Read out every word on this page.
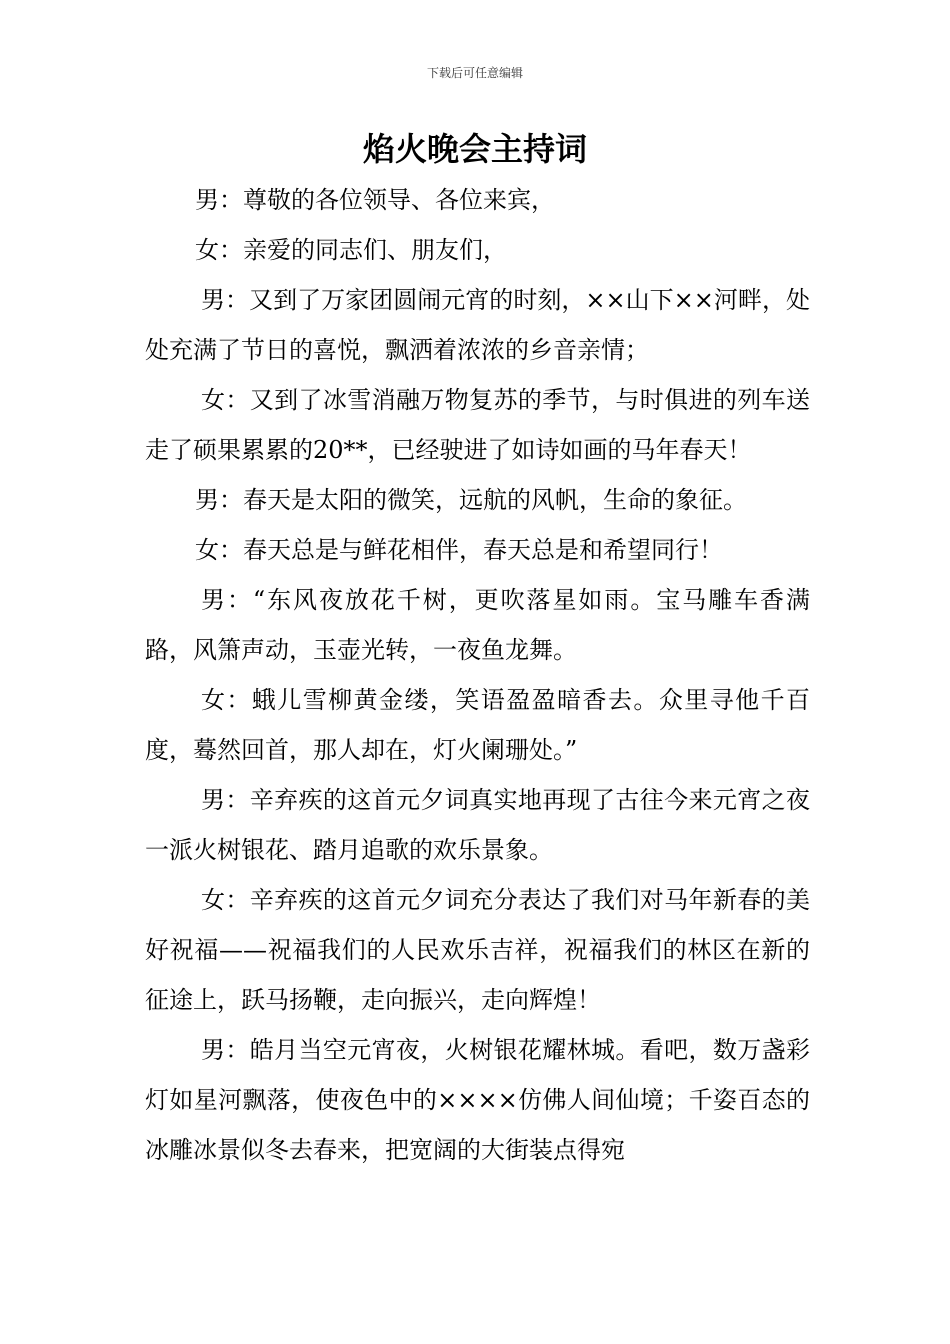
下载后可任意编辑
焰火晚会主持词

男：尊敬的各位领导、各位来宾，

女：亲爱的同志们、朋友们，

男：又到了万家团圆闹元宵的时刻，××山下××河畔，处处充满了节日的喜悦，飘洒着浓浓的乡音亲情；

女：又到了冰雪消融万物复苏的季节，与时俱进的列车送走了硕果累累的20**，已经驶进了如诗如画的马年春天！

男：春天是太阳的微笑，远航的风帆，生命的象征。

女：春天总是与鲜花相伴，春天总是和希望同行！

男：“东风夜放花千树，更吹落星如雨。宝马雕车香满路，风箫声动，玉壶光转，一夜鱼龙舞。

女：蛾儿雪柳黄金缕，笑语盈盈暗香去。众里寻他千百度，蓦然回首，那人却在，灯火阑珊处。”

男：辛弃疾的这首元夕词真实地再现了古往今来元宵之夜一派火树银花、踏月追歌的欢乐景象。

女：辛弃疾的这首元夕词充分表达了我们对马年新春的美好祝福——祝福我们的人民欢乐吉祥，祝福我们的林区在新的征途上，跃马扬鞭，走向振兴，走向辉煌！

男：皓月当空元宵夜，火树银花耀林城。看吧，数万盏彩灯如星河飘落，使夜色中的××××仿佛人间仙境；千姿百态的冰雕冰景似冬去春来，把宽阔的大街装点得宛
